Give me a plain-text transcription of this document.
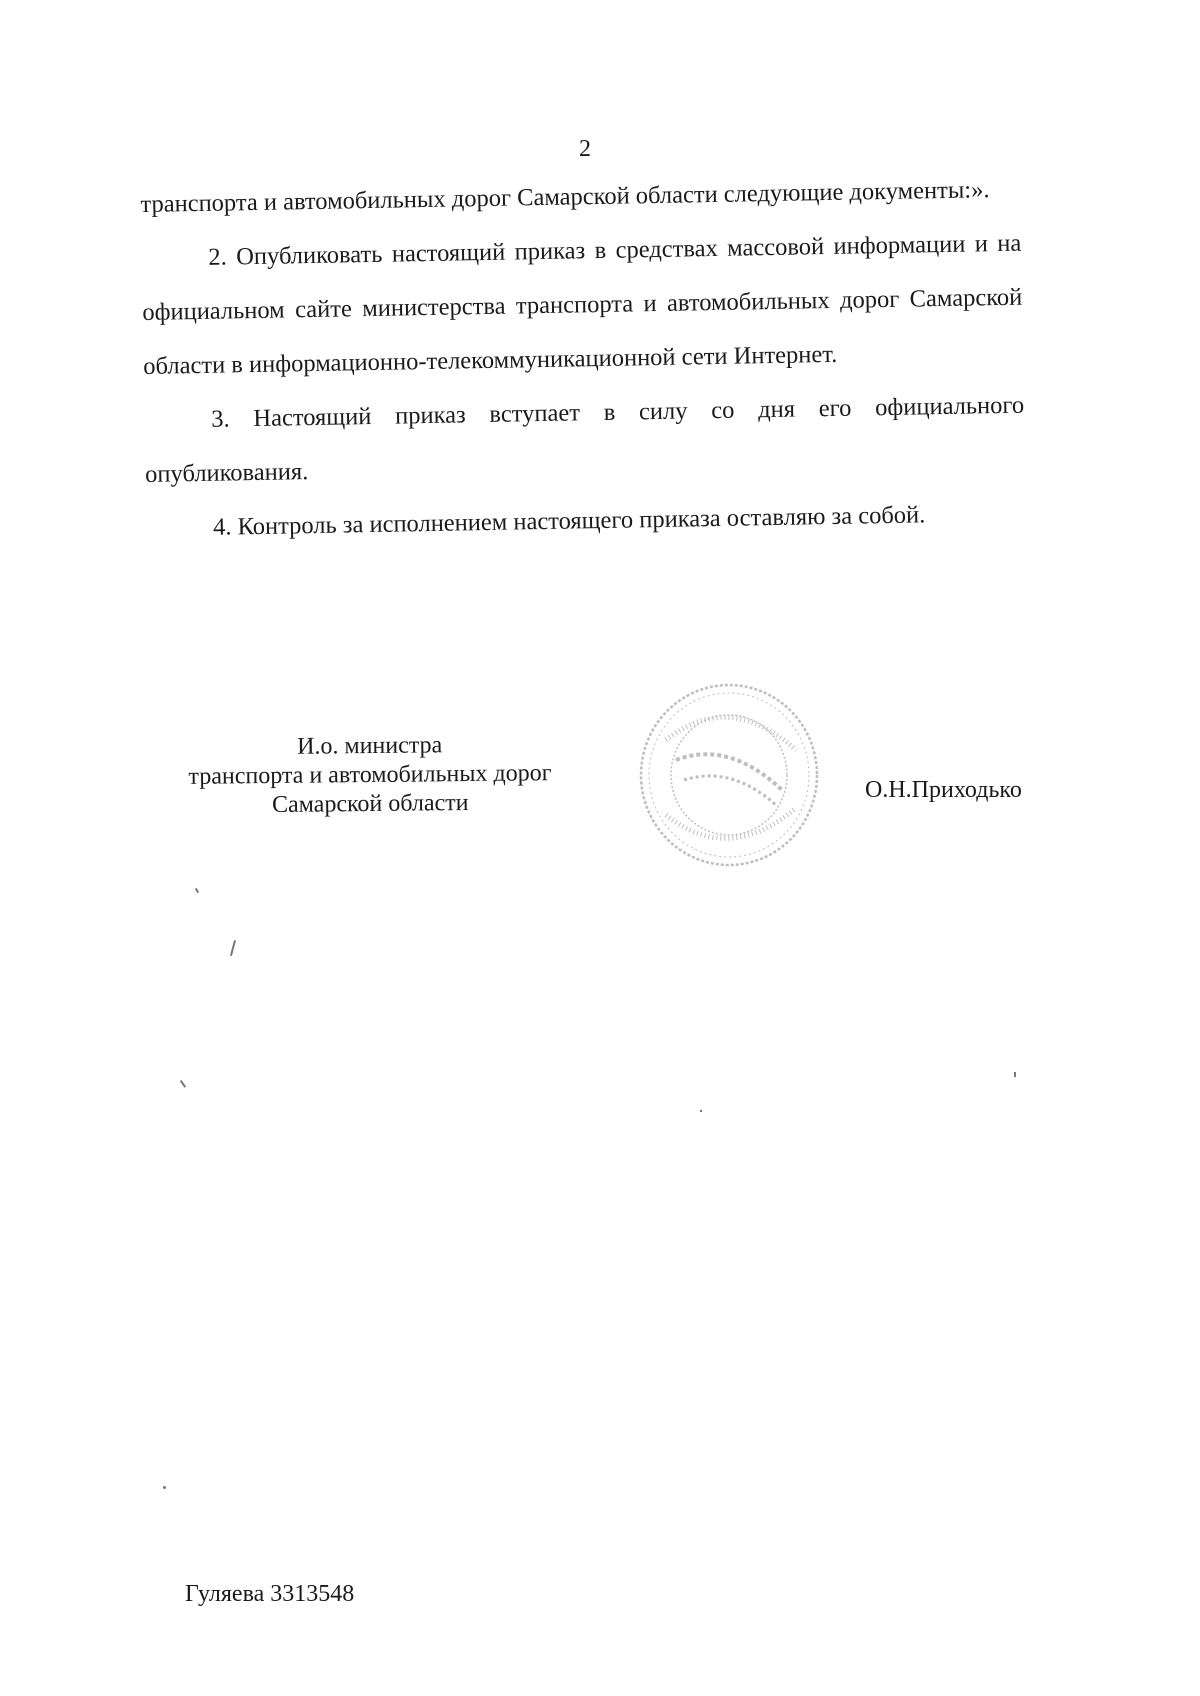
2

транспорта и автомобильных дорог Самарской области следующие документы:».

2. Опубликовать настоящий приказ в средствах массовой информации и на официальном сайте министерства транспорта и автомобильных дорог Самарской области в информационно-телекоммуникационной сети Интернет.

3. Настоящий приказ вступает в силу со дня его официального опубликования.

4. Контроль за исполнением настоящего приказа оставляю за собой.

И.о. министра
транспорта и автомобильных дорог
Самарской области	О.Н.Приходько
Гуляева 3313548
